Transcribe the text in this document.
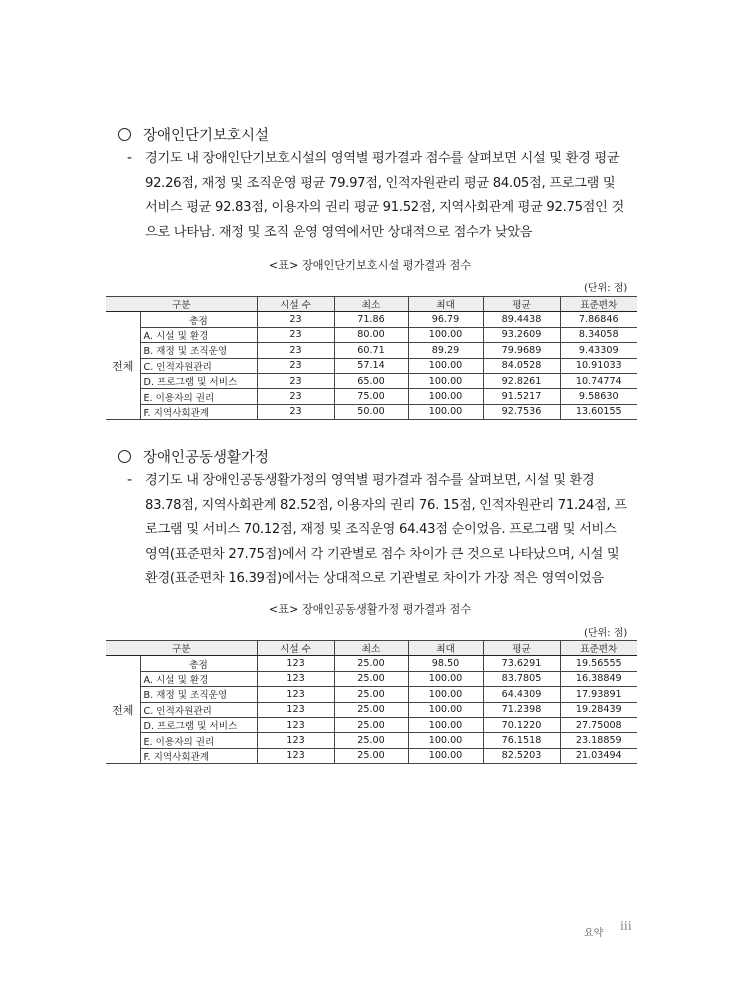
장애인단기보호시설
- 경기도 내 장애인단기보호시설의 영역별 평가결과 점수를 살펴보면 시설 및 환경 평균
92.26점, 재정 및 조직운영 평균 79.97점, 인적자원관리 평균 84.05점, 프로그램 및
서비스 평균 92.83점, 이용자의 권리 평균 91.52점, 지역사회관계 평균 92.75점인 것
으로 나타남. 재정 및 조직 운영 영역에서만 상대적으로 점수가 낮았음
<표> 장애인단기보호시설 평가결과 점수
(단위: 점)
구분		시설 수	최소	최대	평균	표준편차
전체	총점	23	71.86	96.79	89.4438	7.86846
	A. 시설 및 환경	23	80.00	100.00	93.2609	8.34058
	B. 재정 및 조직운영	23	60.71	89.29	79.9689	9.43309
	C. 인적자원관리	23	57.14	100.00	84.0528	10.91033
	D. 프로그램 및 서비스	23	65.00	100.00	92.8261	10.74774
	E. 이용자의 권리	23	75.00	100.00	91.5217	9.58630
	F. 지역사회관계	23	50.00	100.00	92.7536	13.60155
장애인공동생활가정
- 경기도 내 장애인공동생활가정의 영역별 평가결과 점수를 살펴보면, 시설 및 환경
83.78점, 지역사회관계 82.52점, 이용자의 권리 76. 15점, 인적자원관리 71.24점, 프
로그램 및 서비스 70.12점, 재정 및 조직운영 64.43점 순이었음. 프로그램 및 서비스
영역(표준편차 27.75점)에서 각 기관별로 점수 차이가 큰 것으로 나타났으며, 시설 및
환경(표준편차 16.39점)에서는 상대적으로 기관별로 차이가 가장 적은 영역이었음
<표> 장애인공동생활가정 평가결과 점수
(단위: 점)
구분		시설 수	최소	최대	평균	표준편차
전체	총점	123	25.00	98.50	73.6291	19.56555
	A. 시설 및 환경	123	25.00	100.00	83.7805	16.38849
	B. 재정 및 조직운영	123	25.00	100.00	64.4309	17.93891
	C. 인적자원관리	123	25.00	100.00	71.2398	19.28439
	D. 프로그램 및 서비스	123	25.00	100.00	70.1220	27.75008
	E. 이용자의 권리	123	25.00	100.00	76.1518	23.18859
	F. 지역사회관계	123	25.00	100.00	82.5203	21.03494
요약 iii
